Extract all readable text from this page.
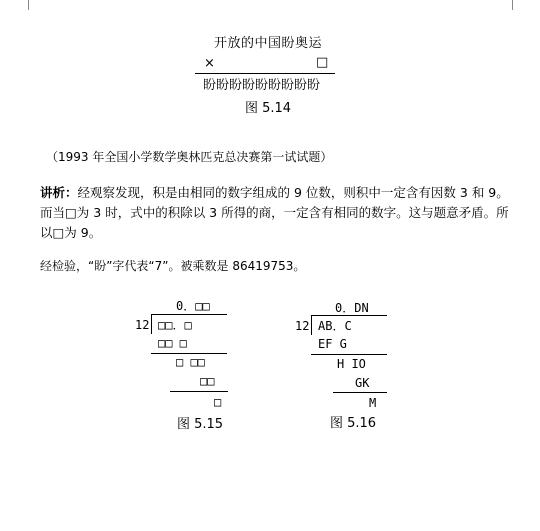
开放的中国盼奥运
×	□
盼盼盼盼盼盼盼盼盼
图 5.14
（1993 年全国小学数学奥林匹克总决赛第一试试题）
讲析：经观察发现，积是由相同的数字组成的 9 位数，则积中一定含有因数 3 和 9。而当□为 3 时，式中的积除以 3 所得的商，一定含有相同的数字。这与题意矛盾。所以□为 9。
经检验，“盼”字代表“7”。被乘数是 86419753。
0．□□
12 □□．□
□□ □
□ □□
□□
□
图 5.15
0．DN
12 AB．C
EF G
H IO
GK
M
图 5.16
